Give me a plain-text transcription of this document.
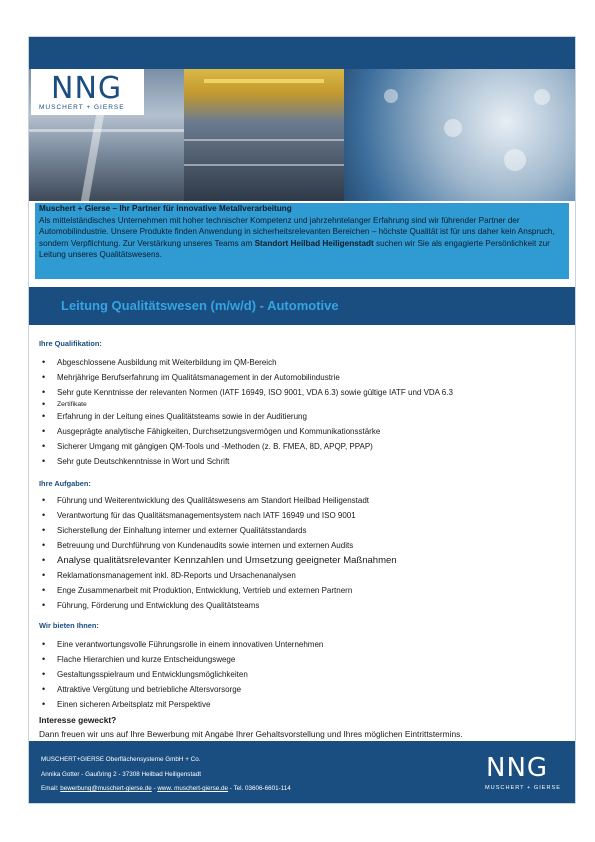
NNG
MUSCHERT + GIERSE
Muschert + Gierse – Ihr Partner für innovative Metallverarbeitung
Als mittelständisches Unternehmen mit hoher technischer Kompetenz und jahrzehntelanger Erfahrung sind wir führender Partner der Automobilindustrie. Unsere Produkte finden Anwendung in sicherheitsrelevanten Bereichen – höchste Qualität ist für uns daher kein Anspruch, sondern Verpflichtung. Zur Verstärkung unseres Teams am Standort Heilbad Heiligenstadt suchen wir Sie als engagierte Persönlichkeit zur Leitung unseres Qualitätswesens.
Leitung Qualitätswesen (m/w/d) - Automotive
Ihre Qualifikation:
• Abgeschlossene Ausbildung mit Weiterbildung im QM-Bereich
• Mehrjährige Berufserfahrung im Qualitätsmanagement in der Automobilindustrie
• Sehr gute Kenntnisse der relevanten Normen (IATF 16949, ISO 9001, VDA 6.3) sowie gültige IATF und VDA 6.3
• Zertifikate
• Erfahrung in der Leitung eines Qualitätsteams sowie in der Auditierung
• Ausgeprägte analytische Fähigkeiten, Durchsetzungsvermögen und Kommunikationsstärke
• Sicherer Umgang mit gängigen QM-Tools und -Methoden (z. B. FMEA, 8D, APQP, PPAP)
• Sehr gute Deutschkenntnisse in Wort und Schrift
Ihre Aufgaben:
• Führung und Weiterentwicklung des Qualitätswesens am Standort Heilbad Heiligenstadt
• Verantwortung für das Qualitätsmanagementsystem nach IATF 16949 und ISO 9001
• Sicherstellung der Einhaltung interner und externer Qualitätsstandards
• Betreuung und Durchführung von Kundenaudits sowie internen und externen Audits
• Analyse qualitätsrelevanter Kennzahlen und Umsetzung geeigneter Maßnahmen
• Reklamationsmanagement inkl. 8D-Reports und Ursachenanalysen
• Enge Zusammenarbeit mit Produktion, Entwicklung, Vertrieb und externen Partnern
• Führung, Förderung und Entwicklung des Qualitätsteams
Wir bieten Ihnen:
• Eine verantwortungsvolle Führungsrolle in einem innovativen Unternehmen
• Flache Hierarchien und kurze Entscheidungswege
• Gestaltungsspielraum und Entwicklungsmöglichkeiten
• Attraktive Vergütung und betriebliche Altersvorsorge
• Einen sicheren Arbeitsplatz mit Perspektive
Interesse geweckt?
Dann freuen wir uns auf Ihre Bewerbung mit Angabe Ihrer Gehaltsvorstellung und Ihres möglichen Eintrittstermins.
MUSCHERT+GIERSE Oberflächensysteme GmbH + Co.
Annika Gotter - Gaußring 2 - 37308 Heilbad Heiligenstadt
Email: bewerbung@muschert-gierse.de - www. muschert-gierse.de - Tel. 03606-6601-114
NNG
MUSCHERT + GIERSE
